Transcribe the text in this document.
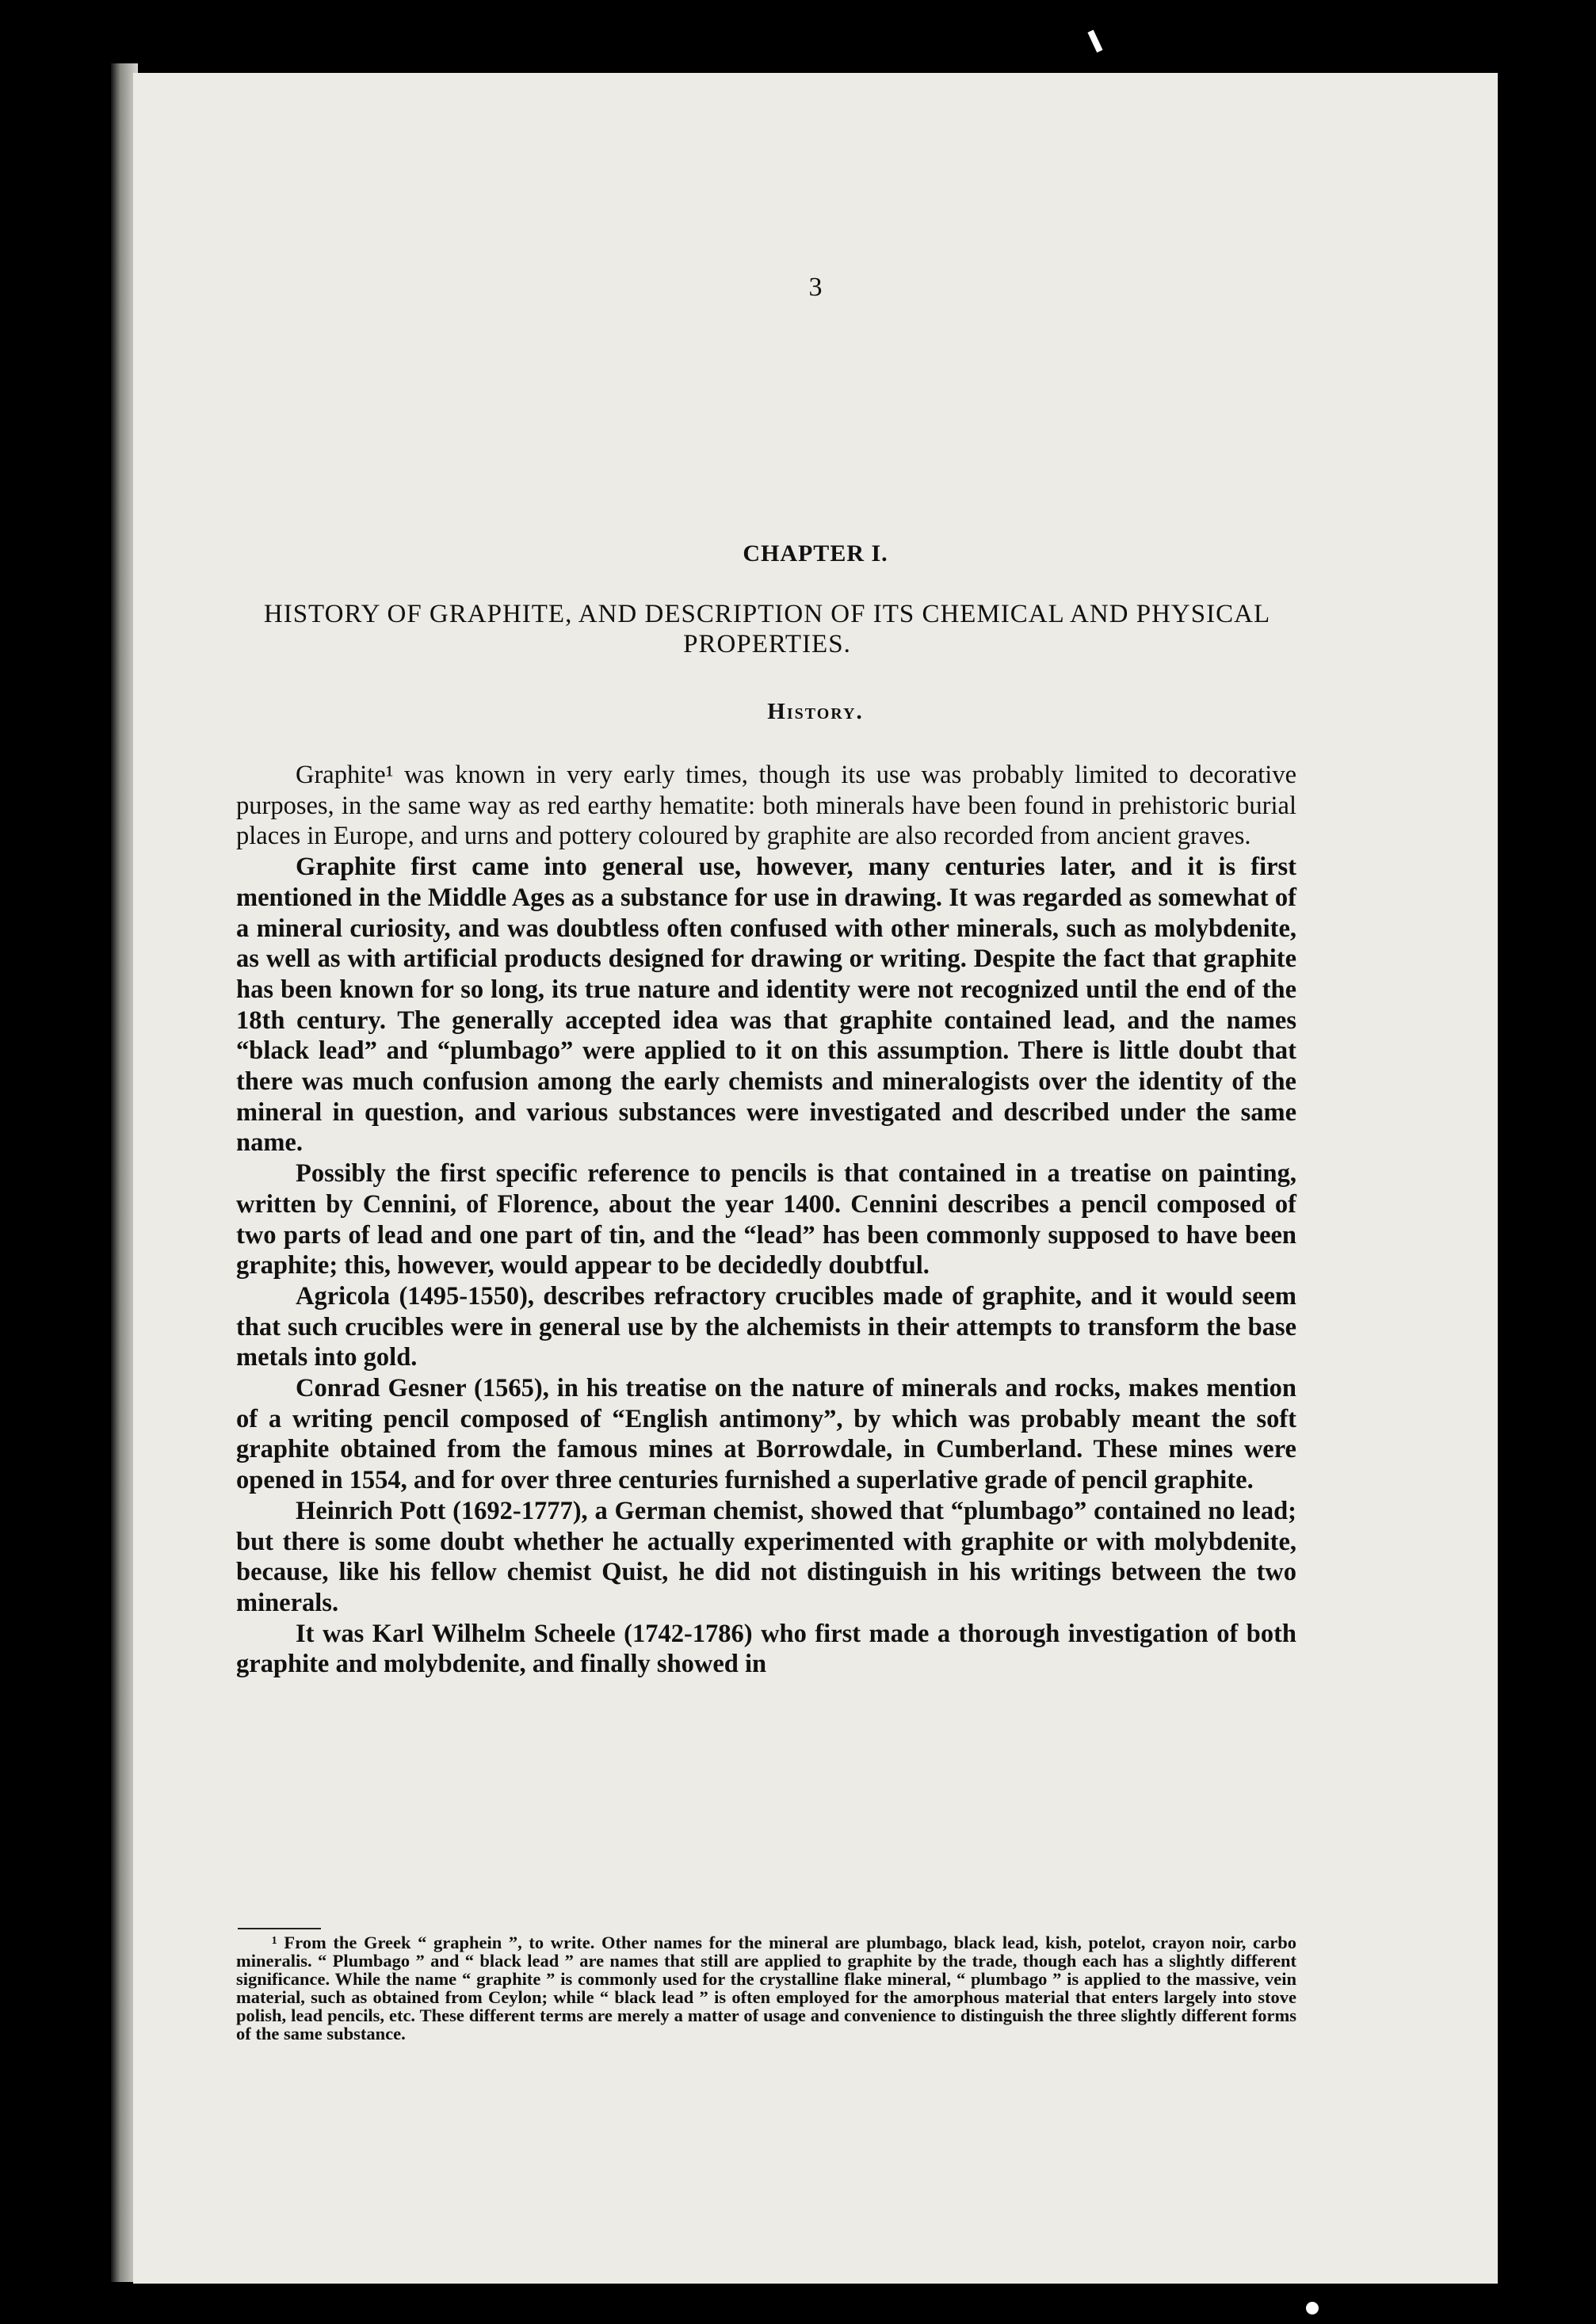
3
CHAPTER I.
HISTORY OF GRAPHITE, AND DESCRIPTION OF ITS CHEMICAL AND PHYSICAL PROPERTIES.
History.

Graphite¹ was known in very early times, though its use was probably limited to decorative purposes, in the same way as red earthy hematite: both minerals have been found in prehistoric burial places in Europe, and urns and pottery coloured by graphite are also recorded from ancient graves.

Graphite first came into general use, however, many centuries later, and it is first mentioned in the Middle Ages as a substance for use in drawing. It was regarded as somewhat of a mineral curiosity, and was doubtless often confused with other minerals, such as molybdenite, as well as with artificial products designed for drawing or writing. Despite the fact that graphite has been known for so long, its true nature and identity were not recognized until the end of the 18th century. The generally accepted idea was that graphite contained lead, and the names “black lead” and “plumbago” were applied to it on this assumption. There is little doubt that there was much confusion among the early chemists and mineralogists over the identity of the mineral in question, and various substances were investigated and described under the same name.

Possibly the first specific reference to pencils is that contained in a treatise on painting, written by Cennini, of Florence, about the year 1400. Cennini describes a pencil composed of two parts of lead and one part of tin, and the “lead” has been commonly supposed to have been graphite; this, however, would appear to be decidedly doubtful.

Agricola (1495-1550), describes refractory crucibles made of graphite, and it would seem that such crucibles were in general use by the alchemists in their attempts to transform the base metals into gold.

Conrad Gesner (1565), in his treatise on the nature of minerals and rocks, makes mention of a writing pencil composed of “English antimony”, by which was probably meant the soft graphite obtained from the famous mines at Borrowdale, in Cumberland. These mines were opened in 1554, and for over three centuries furnished a superlative grade of pencil graphite.

Heinrich Pott (1692-1777), a German chemist, showed that “plumbago” contained no lead; but there is some doubt whether he actually experimented with graphite or with molybdenite, because, like his fellow chemist Quist, he did not distinguish in his writings between the two minerals.

It was Karl Wilhelm Scheele (1742-1786) who first made a thorough investigation of both graphite and molybdenite, and finally showed in

¹ From the Greek “ graphein ”, to write. Other names for the mineral are plumbago, black lead, kish, potelot, crayon noir, carbo mineralis. “ Plumbago ” and “ black lead ” are names that still are applied to graphite by the trade, though each has a slightly different significance. While the name “ graphite ” is commonly used for the crystalline flake mineral, “ plumbago ” is applied to the massive, vein material, such as obtained from Ceylon; while “ black lead ” is often employed for the amorphous material that enters largely into stove polish, lead pencils, etc. These different terms are merely a matter of usage and convenience to distinguish the three slightly different forms of the same substance.
